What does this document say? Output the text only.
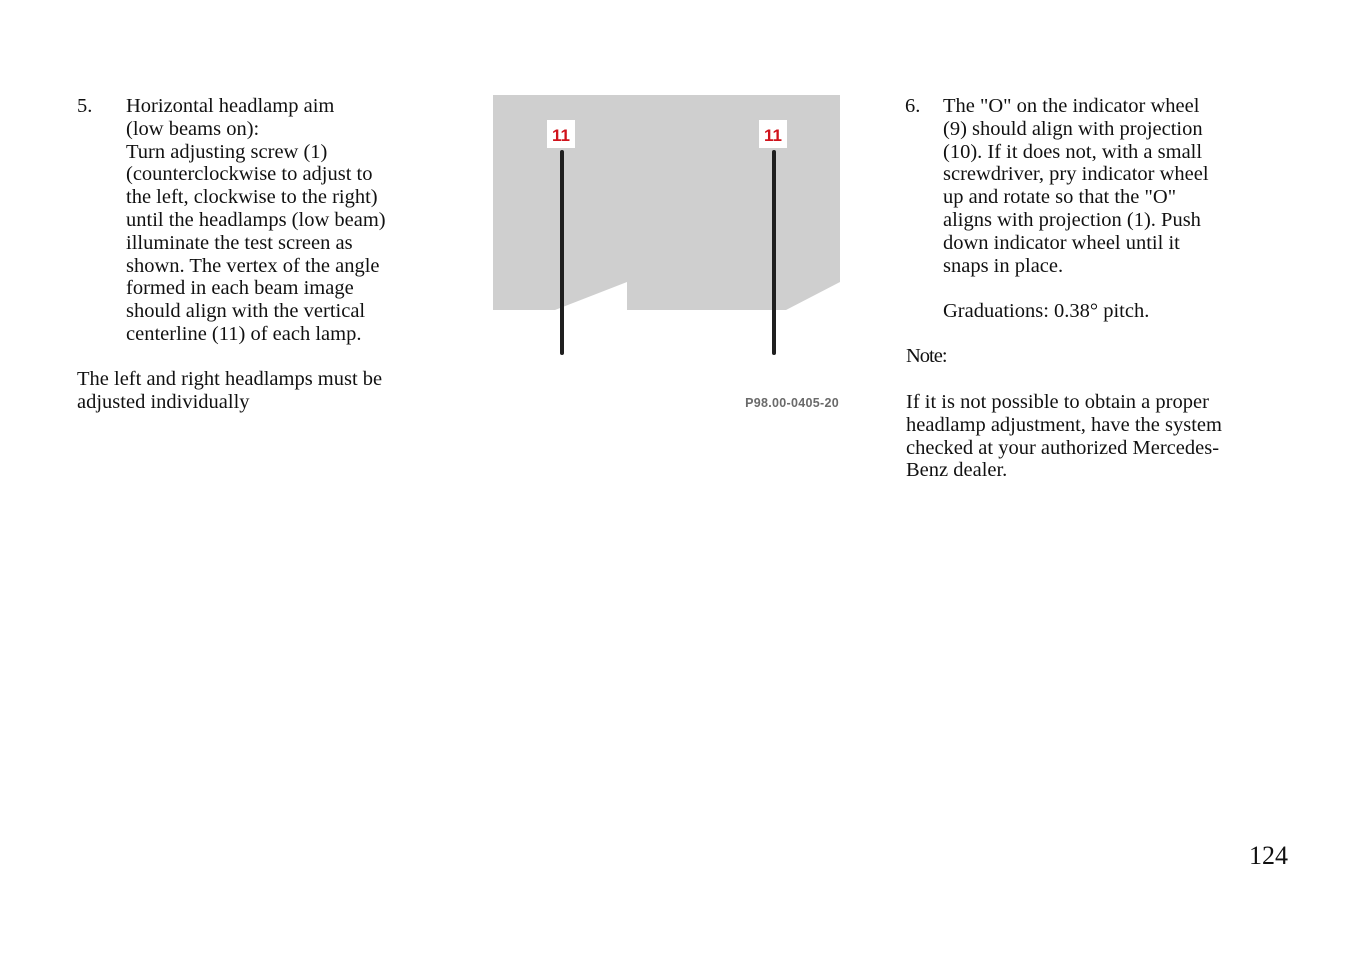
5.	Horizontal headlamp aim
(low beams on):
Turn adjusting screw (1)
(counterclockwise to adjust to
the left, clockwise to the right)
until the headlamps (low beam)
illuminate the test screen as
shown. The vertex of the angle
formed in each beam image
should align with the vertical
centerline (11) of each lamp.
The left and right headlamps must be
adjusted individually
11	11
P98.00-0405-20
6.	The "O" on the indicator wheel
(9) should align with projection
(10). If it does not, with a small
screwdriver, pry indicator wheel
up and rotate so that the "O"
aligns with projection (1). Push
down indicator wheel until it
snaps in place.
Graduations: 0.38° pitch.
Note:
If it is not possible to obtain a proper
headlamp adjustment, have the system
checked at your authorized Mercedes-
Benz dealer.
124
